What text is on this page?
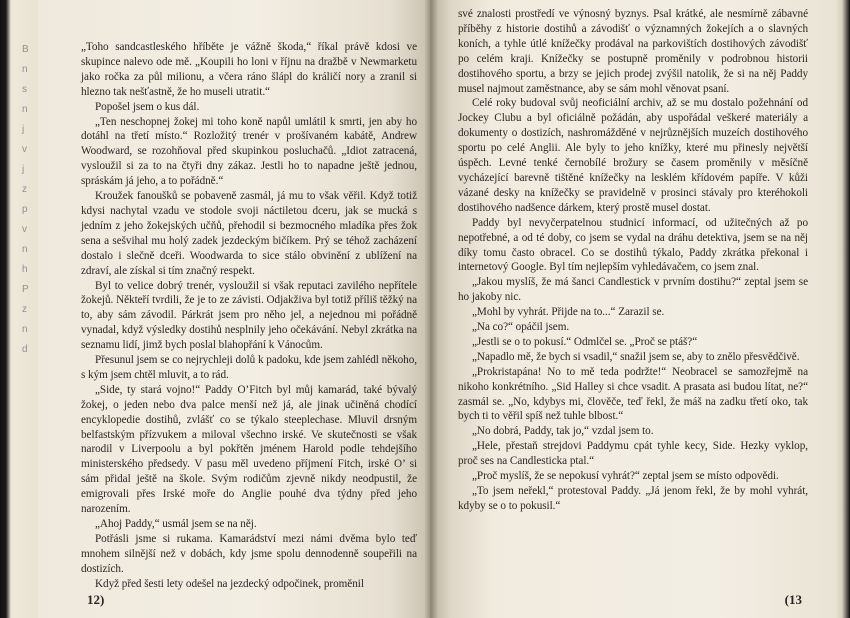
B
n
s
n
j
v
j
z
p
v
n
h
P
z
n
d

„Toho sandcastleského hříběte je vážně škoda,“ říkal právě kdosi ve skupince nalevo ode mě. „Koupili ho loni v říjnu na dražbě v Newmarketu jako ročka za půl milionu, a včera ráno šlápl do králičí nory a zranil si hlezno tak nešťastně, že ho museli utratit.“

Popošel jsem o kus dál.

„Ten neschopnej žokej mi toho koně napůl umlátil k smrti, jen aby ho dotáhl na třetí místo.“ Rozložitý trenér v prošívaném kabátě, Andrew Woodward, se rozohňoval před skupinkou posluchačů. „Idiot zatracená, vysloužil si za to na čtyři dny zákaz. Jestli ho to napadne ještě jednou, spráskám já jeho, a to pořádně.“

Kroužek fanoušků se pobaveně zasmál, já mu to však věřil. Když totiž kdysi nachytal vzadu ve stodole svoji náctiletou dceru, jak se mucká s jedním z jeho žokejských učňů, přehodil si bezmocného mladíka přes žok sena a sešvihal mu holý zadek jezdeckým bičíkem. Prý se téhož zacházení dostalo i slečně dceři. Woodwarda to sice stálo obvinění z ublížení na zdraví, ale získal si tím značný respekt.

Byl to velice dobrý trenér, vysloužil si však reputaci zavilého nepřítele žokejů. Někteří tvrdili, že je to ze závisti. Odjakživa byl totiž příliš těžký na to, aby sám závodil. Párkrát jsem pro něho jel, a nejednou mi pořádně vynadal, když výsledky dostihů nesplnily jeho očekávání. Nebyl zkrátka na seznamu lidí, jimž bych poslal blahopřání k Vánocům.

Přesunul jsem se co nejrychleji dolů k padoku, kde jsem zahlédl někoho, s kým jsem chtěl mluvit, a to rád.

„Side, ty stará vojno!“ Paddy O’Fitch byl můj kamarád, také bývalý žokej, o jeden nebo dva palce menší než já, ale jinak učiněná chodící encyklopedie dostihů, zvlášť co se týkalo steeplechase. Mluvil drsným belfastským přízvukem a miloval všechno irské. Ve skutečnosti se však narodil v Liverpoolu a byl pokřtěn jménem Harold podle tehdejšího ministerského předsedy. V pasu měl uvedeno příjmení Fitch, irské O’ si sám přidal ještě na škole. Svým rodičům zjevně nikdy neodpustil, že emigrovali přes Irské moře do Anglie pouhé dva týdny před jeho narozením.

„Ahoj Paddy,“ usmál jsem se na něj.

Potřásli jsme si rukama. Kamarádství mezi námi dvěma bylo teď mnohem silnější než v dobách, kdy jsme spolu dennodenně soupeřili na dostizích.

Když před šesti lety odešel na jezdecký odpočinek, proměnil

12)

své znalosti prostředí ve výnosný byznys. Psal krátké, ale nesmírně zábavné příběhy z historie dostihů a závodišť o významných žokejích a o slavných koních, a tyhle útlé knížečky prodával na parkovištích dostihových závodišť po celém kraji. Knížečky se postupně proměnily v podrobnou historii dostihového sportu, a brzy se jejich prodej zvýšil natolik, že si na něj Paddy musel najmout zaměstnance, aby se sám mohl věnovat psaní.

Celé roky budoval svůj neoficiální archiv, až se mu dostalo požehnání od Jockey Clubu a byl oficiálně požádán, aby uspořádal veškeré materiály a dokumenty o dostizích, nashromážděné v nejrůznějších muzeích dostihového sportu po celé Anglii. Ale byly to jeho knížky, které mu přinesly největší úspěch. Levné tenké černobílé brožury se časem proměnily v měsíčně vycházející barevně tištěné knížečky na lesklém křídovém papíře. V kůži vázané desky na knížečky se pravidelně v prosinci stávaly pro kteréhokoli dostihového nadšence dárkem, který prostě musel dostat.

Paddy byl nevyčerpatelnou studnicí informací, od užitečných až po nepotřebné, a od té doby, co jsem se vydal na dráhu detektiva, jsem se na něj díky tomu často obracel. Co se dostihů týkalo, Paddy zkrátka překonal i internetový Google. Byl tím nejlepším vyhledávačem, co jsem znal.

„Jakou myslíš, že má šanci Candlestick v prvním dostihu?“ zeptal jsem se ho jakoby nic.

„Mohl by vyhrát. Přijde na to...“ Zarazil se.

„Na co?“ opáčil jsem.

„Jestli se o to pokusí.“ Odmlčel se. „Proč se ptáš?“

„Napadlo mě, že bych si vsadil,“ snažil jsem se, aby to znělo přesvědčivě.

„Prokristapána! No to mě teda podržte!“ Neobracel se samozřejmě na nikoho konkrétního. „Sid Halley si chce vsadit. A prasata asi budou lítat, ne?“ zasmál se. „No, kdybys mi, člověče, teď řekl, že máš na zadku třetí oko, tak bych ti to věřil spíš než tuhle blbost.“

„No dobrá, Paddy, tak jo,“ vzdal jsem to.

„Hele, přestaň strejdovi Paddymu cpát tyhle kecy, Side. Hezky vyklop, proč ses na Candlesticka ptal.“

„Proč myslíš, že se nepokusí vyhrát?“ zeptal jsem se místo odpovědi.

„To jsem neřekl,“ protestoval Paddy. „Já jenom řekl, že by mohl vyhrát, kdyby se o to pokusil.“

(13
